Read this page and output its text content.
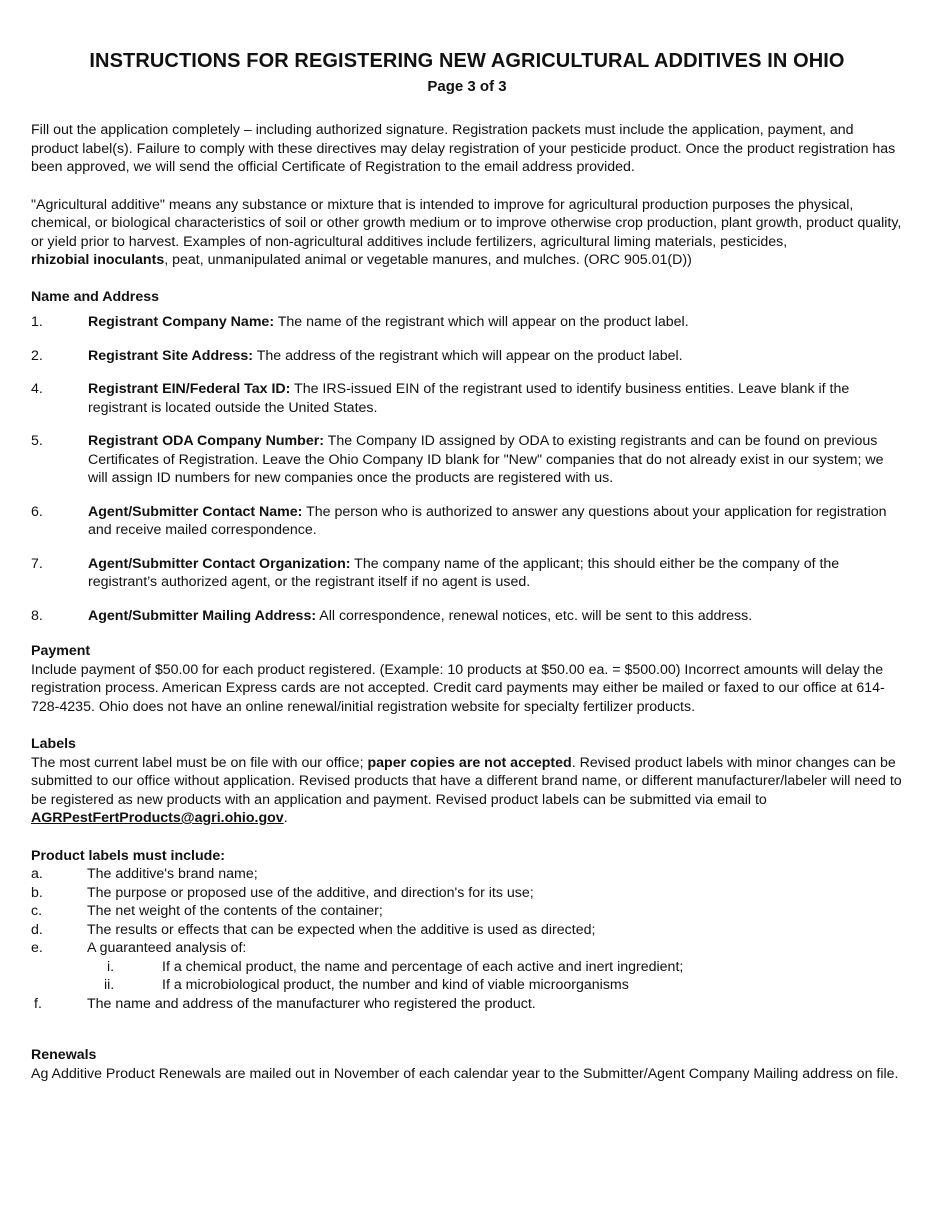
INSTRUCTIONS FOR REGISTERING NEW AGRICULTURAL ADDITIVES IN OHIO
Page 3 of 3

Fill out the application completely – including authorized signature. Registration packets must include the application, payment, and product label(s). Failure to comply with these directives may delay registration of your pesticide product. Once the product registration has been approved, we will send the official Certificate of Registration to the email address provided.

"Agricultural additive" means any substance or mixture that is intended to improve for agricultural production purposes the physical, chemical, or biological characteristics of soil or other growth medium or to improve otherwise crop production, plant growth, product quality, or yield prior to harvest. Examples of non-agricultural additives include fertilizers, agricultural liming materials, pesticides,
rhizobial inoculants, peat, unmanipulated animal or vegetable manures, and mulches. (ORC 905.01(D))

Name and Address
1.	Registrant Company Name: The name of the registrant which will appear on the product label.
2.	Registrant Site Address: The address of the registrant which will appear on the product label.
4.	Registrant EIN/Federal Tax ID: The IRS-issued EIN of the registrant used to identify business entities. Leave blank if the registrant is located outside the United States.
5.	Registrant ODA Company Number: The Company ID assigned by ODA to existing registrants and can be found on previous Certificates of Registration. Leave the Ohio Company ID blank for "New" companies that do not already exist in our system; we will assign ID numbers for new companies once the products are registered with us.
6.	Agent/Submitter Contact Name: The person who is authorized to answer any questions about your application for registration and receive mailed correspondence.
7.	Agent/Submitter Contact Organization: The company name of the applicant; this should either be the company of the registrant’s authorized agent, or the registrant itself if no agent is used.
8.	Agent/Submitter Mailing Address: All correspondence, renewal notices, etc. will be sent to this address.
Payment

Include payment of $50.00 for each product registered. (Example: 10 products at $50.00 ea. = $500.00) Incorrect amounts will delay the registration process. American Express cards are not accepted. Credit card payments may either be mailed or faxed to our office at 614-728-4235. Ohio does not have an online renewal/initial registration website for specialty fertilizer products.

Labels

The most current label must be on file with our office; paper copies are not accepted. Revised product labels with minor changes can be submitted to our office without application. Revised products that have a different brand name, or different manufacturer/labeler will need to be registered as new products with an application and payment. Revised product labels can be submitted via email to
AGRPestFertProducts@agri.ohio.gov.

Product labels must include:
a.	The additive's brand name;
b.	The purpose or proposed use of the additive, and direction's for its use;
c.	The net weight of the contents of the container;
d.	The results or effects that can be expected when the additive is used as directed;
e.	A guaranteed analysis of:
i.	If a chemical product, the name and percentage of each active and inert ingredient;
ii.	If a microbiological product, the number and kind of viable microorganisms
f.	The name and address of the manufacturer who registered the product.
Renewals

Ag Additive Product Renewals are mailed out in November of each calendar year to the Submitter/Agent Company Mailing address on file.
